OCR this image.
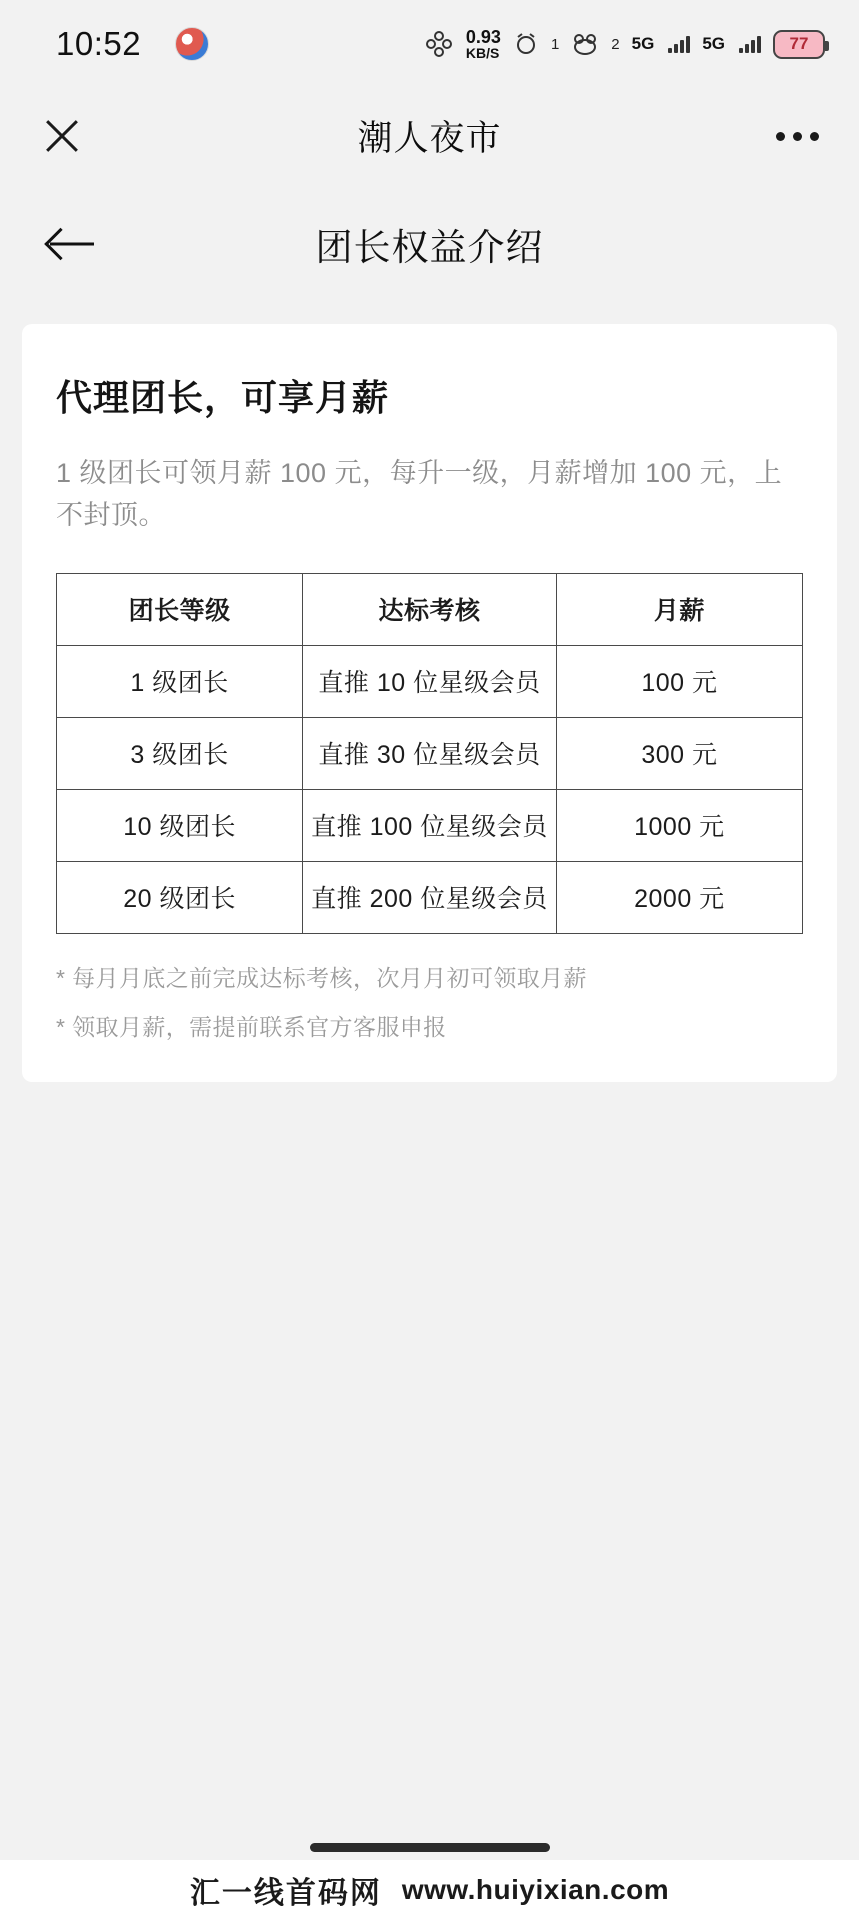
10:52	0.93
KB/S
1	2 5G	5G	77
潮人夜市
团长权益介绍
代理团长，可享月薪
1 级团长可领月薪 100 元，每升一级，月薪增加 100 元，上不封顶。
团长等级	达标考核	月薪
1 级团长	直推 10 位星级会员	100 元
3 级团长	直推 30 位星级会员	300 元
10 级团长	直推 100 位星级会员	1000 元
20 级团长	直推 200 位星级会员	2000 元
* 每月月底之前完成达标考核，次月月初可领取月薪
* 领取月薪，需提前联系官方客服申报
汇一线首码网 www.huiyixian.com
